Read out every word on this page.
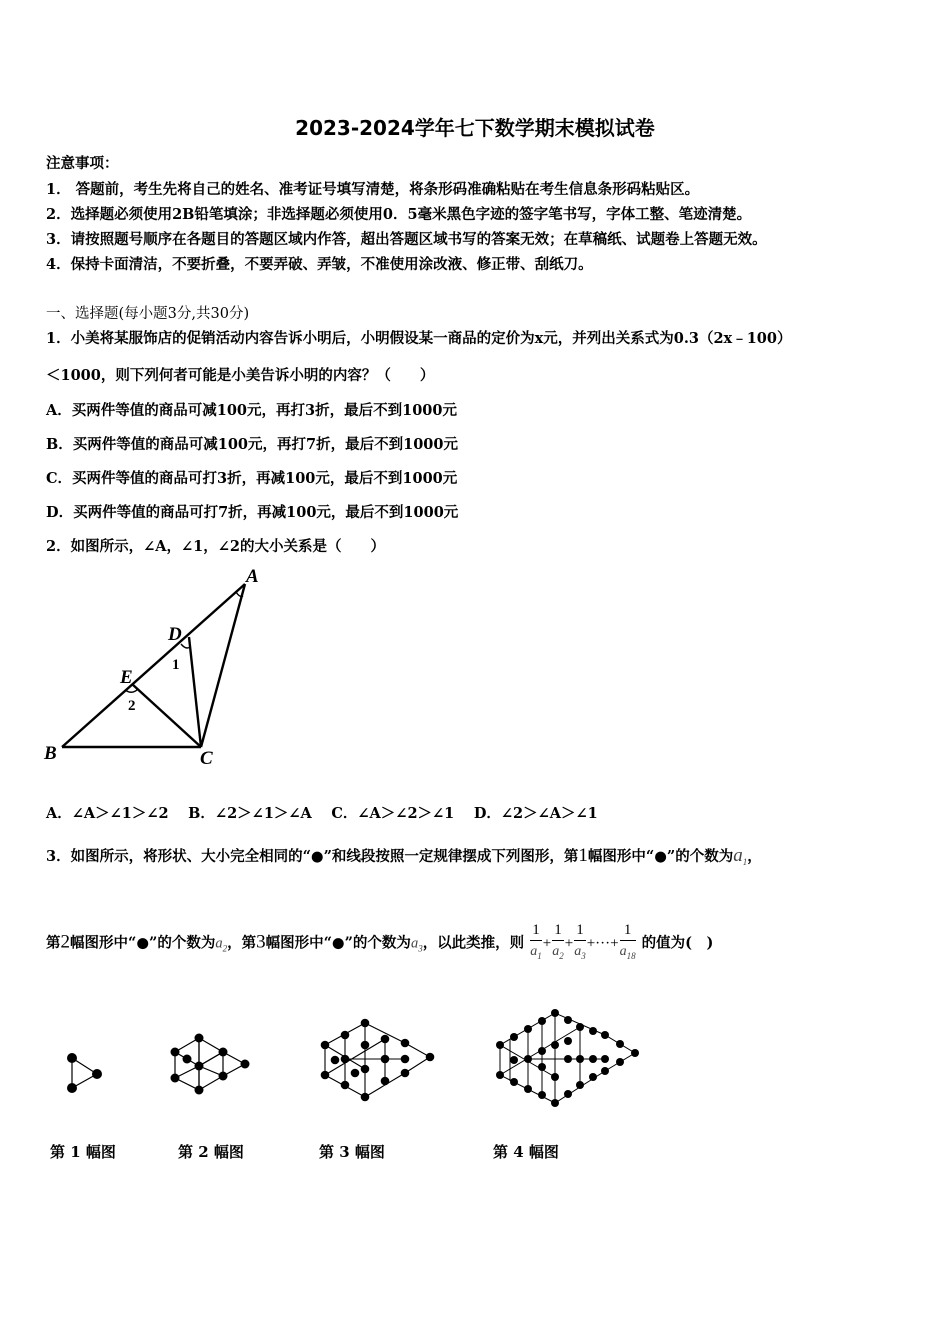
2023-2024学年七下数学期末模拟试卷
注意事项：
1． 答题前，考生先将自己的姓名、准考证号填写清楚，将条形码准确粘贴在考生信息条形码粘贴区。
2．选择题必须使用2B铅笔填涂；非选择题必须使用0．5毫米黑色字迹的签字笔书写，字体工整、笔迹清楚。
3．请按照题号顺序在各题目的答题区域内作答，超出答题区域书写的答案无效；在草稿纸、试题卷上答题无效。
4．保持卡面清洁，不要折叠，不要弄破、弄皱，不准使用涂改液、修正带、刮纸刀。
一、选择题(每小题3分,共30分)
1．小美将某服饰店的促销活动内容告诉小明后，小明假设某一商品的定价为x元，并列出关系式为0.3（2x﹣100）
＜1000，则下列何者可能是小美告诉小明的内容？（　　）
A．买两件等值的商品可减100元，再打3折，最后不到1000元
B．买两件等值的商品可减100元，再打7折，最后不到1000元
C．买两件等值的商品可打3折，再减100元，最后不到1000元
D．买两件等值的商品可打7折，再减100元，最后不到1000元
2．如图所示，∠A，∠1，∠2的大小关系是（　　）
A
B	C
D
E
1
2
A．∠A＞∠1＞∠2　 B．∠2＞∠1＞∠A　 C．∠A＞∠2＞∠1　 D．∠2＞∠A＞∠1
3．如图所示，将形状、大小完全相同的“●”和线段按照一定规律摆成下列图形，第1幅图形中“●”的个数为$a_1$，
第2幅图形中“●”的个数为$a_2$，第3幅图形中“●”的个数为$a_3$，以此类推，则 $\frac{1}{a_1} + \frac{1}{a_2} + \frac{1}{a_3}$ +···+ $\frac{1}{a_{18}}$ 的值为(　)
第 1 幅图	第 2 幅图	第 3 幅图	第 4 幅图
